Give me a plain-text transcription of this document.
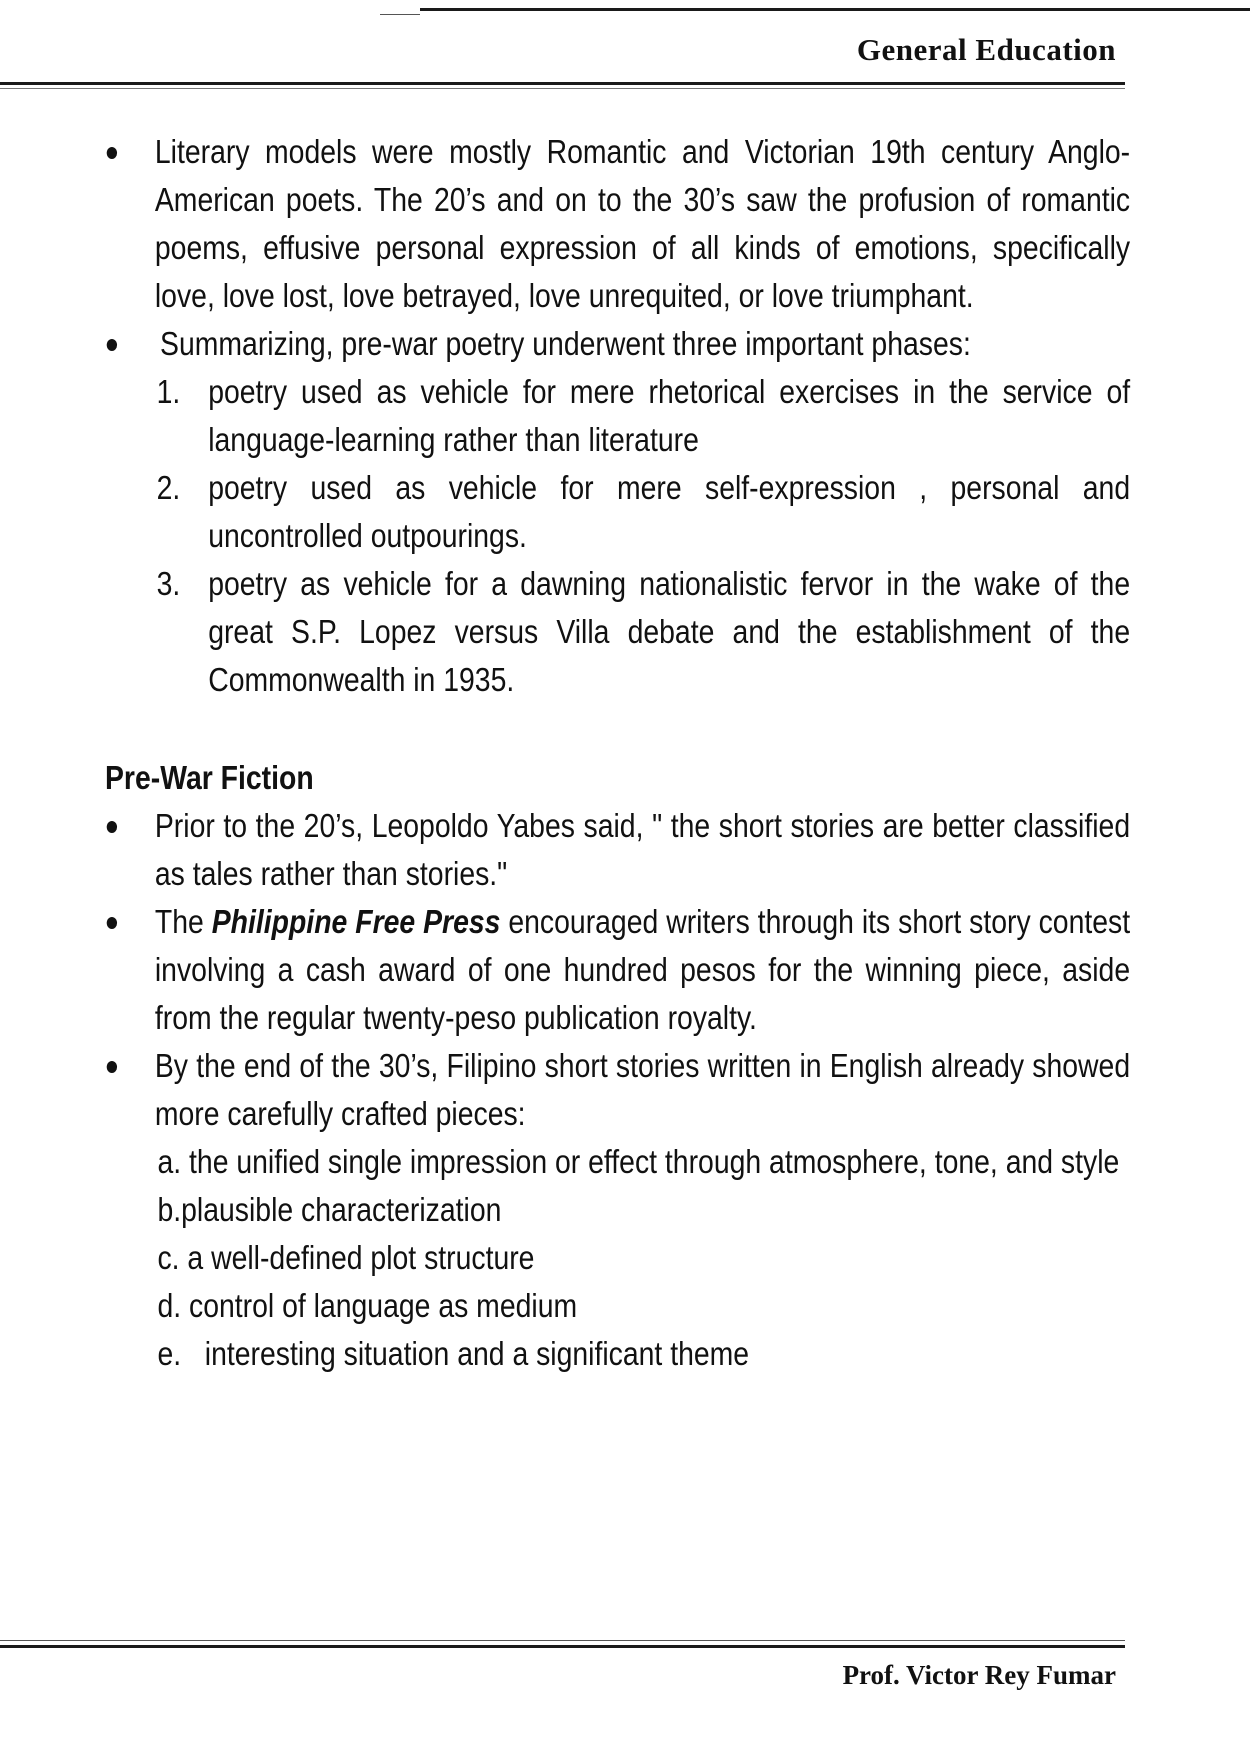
General Education
Literary models were mostly Romantic and Victorian 19th century Anglo-American poets. The 20’s and on to the 30’s saw the profusion of romantic poems, effusive personal expression of all kinds of emotions, specifically love, love lost, love betrayed, love unrequited, or love triumphant.
Summarizing, pre-war poetry underwent three important phases:
1. poetry used as vehicle for mere rhetorical exercises in the service of language-learning rather than literature
2. poetry used as vehicle for mere self-expression , personal and uncontrolled outpourings.
3. poetry as vehicle for a dawning nationalistic fervor in the wake of the great S.P. Lopez versus Villa debate and the establishment of the Commonwealth in 1935.
Pre-War Fiction
Prior to the 20’s, Leopoldo Yabes said, " the short stories are better classified as tales rather than stories."
The Philippine Free Press encouraged writers through its short story contest involving a cash award of one hundred pesos for the winning piece, aside from the regular twenty-peso publication royalty.
By the end of the 30’s, Filipino short stories written in English already showed more carefully crafted pieces:
a. the unified single impression or effect through atmosphere, tone, and style
b.plausible characterization
c. a well-defined plot structure
d. control of language as medium
e. interesting situation and a significant theme
Prof. Victor Rey Fumar
